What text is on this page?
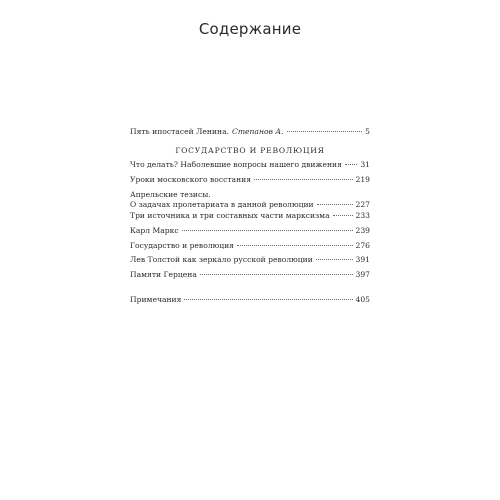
Содержание
Пять ипостасей Ленина. Степанов А.	5
ГОСУДАРСТВО И РЕВОЛЮЦИЯ
Что делать? Наболевшие вопросы нашего движения 31
Уроки московского восстания	219
Апрельские тезисы.
О задачах пролетариата в данной революции	227
Три источника и три составных части марксизма	233
Карл Маркс	239
Государство и революция	276
Лев Толстой как зеркало русской революции	391
Памяти Герцена	397
Примечания	405
